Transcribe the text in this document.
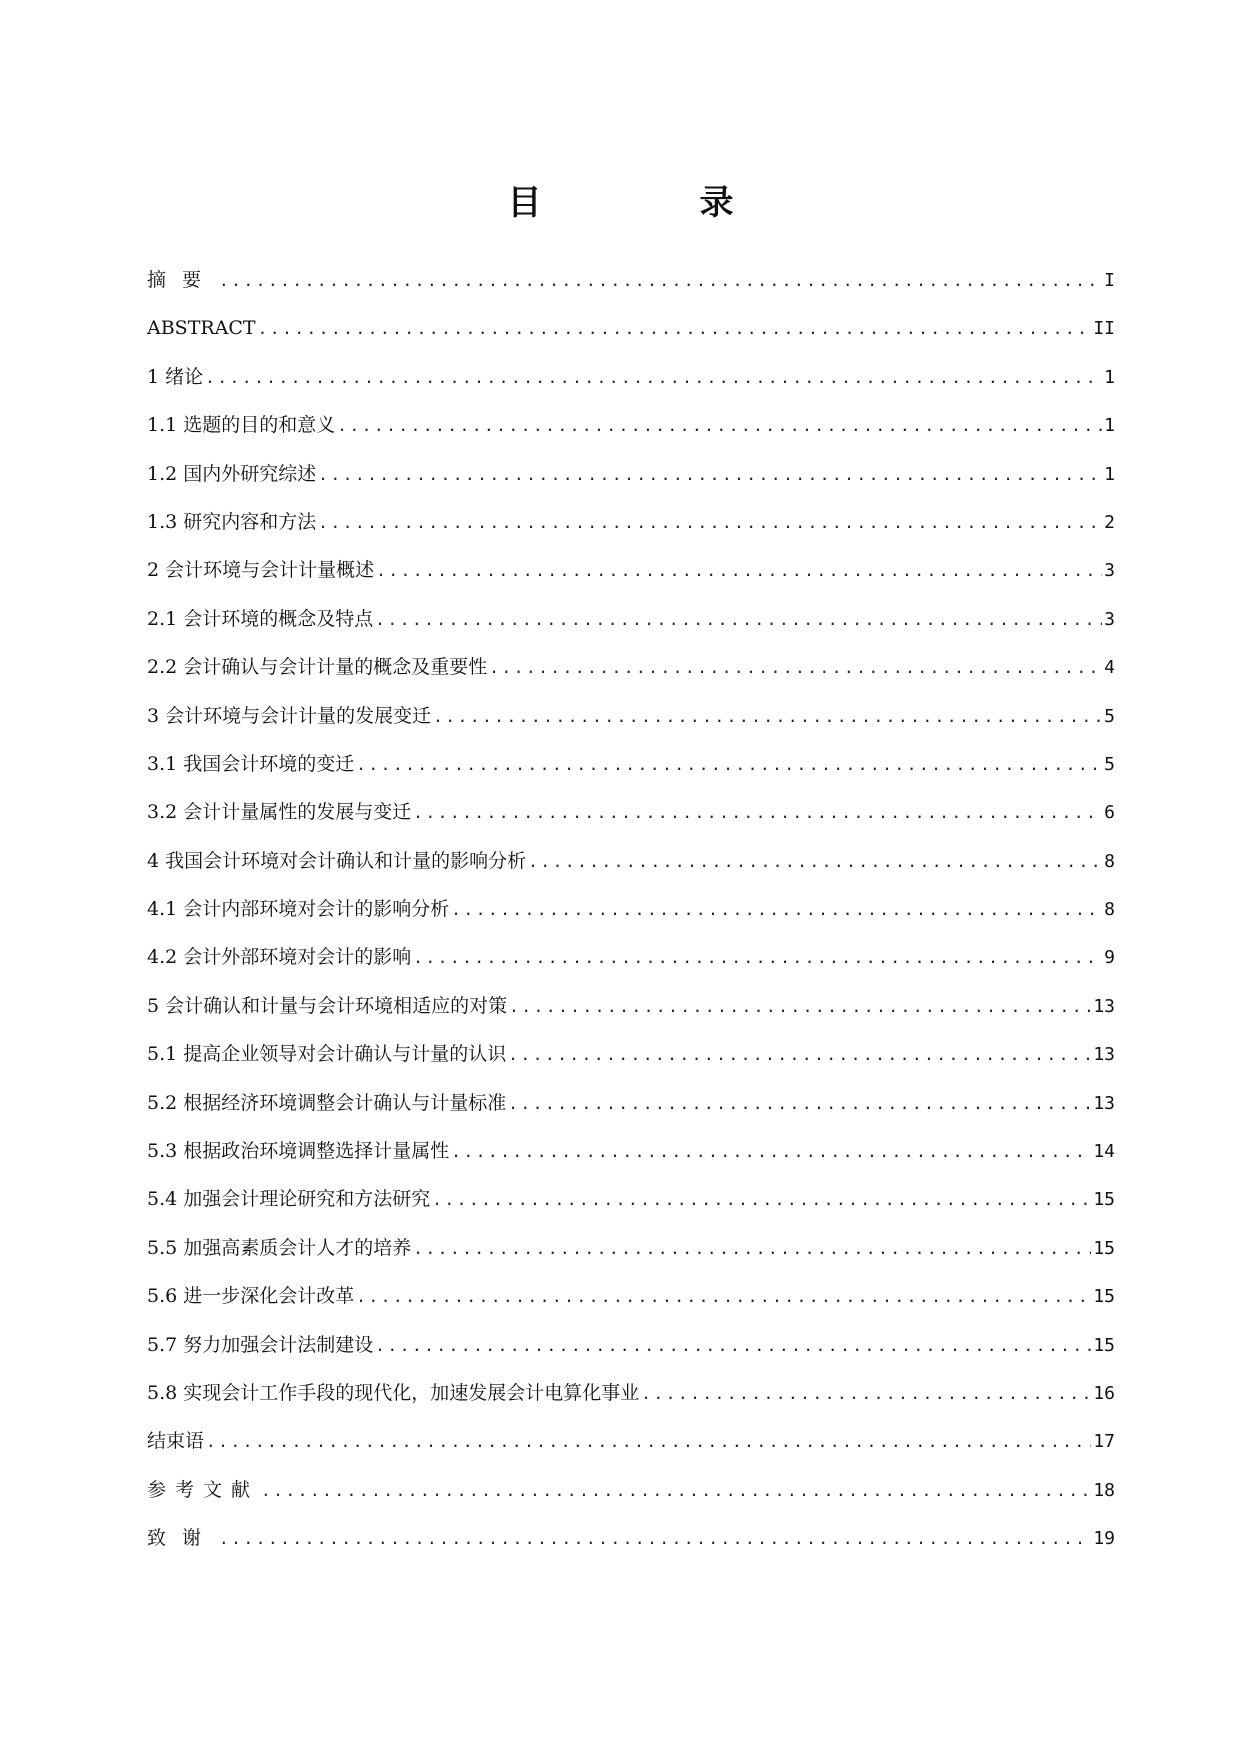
目　录
摘要 .....	I
ABSTRACT .....	II
1 绪论 .....	1
1.1 选题的目的和意义 .....	1
1.2 国内外研究综述 .....	1
1.3 研究内容和方法 .....	2
2 会计环境与会计计量概述 .....	3
2.1 会计环境的概念及特点 .....	3
2.2 会计确认与会计计量的概念及重要性 .....	4
3 会计环境与会计计量的发展变迁 .....	5
3.1 我国会计环境的变迁 .....	5
3.2 会计计量属性的发展与变迁 .....	6
4 我国会计环境对会计确认和计量的影响分析 .....	8
4.1 会计内部环境对会计的影响分析 .....	8
4.2 会计外部环境对会计的影响 .....	9
5 会计确认和计量与会计环境相适应的对策 .....	13
5.1 提高企业领导对会计确认与计量的认识 .....	13
5.2 根据经济环境调整会计确认与计量标准 .....	13
5.3 根据政治环境调整选择计量属性 .....	14
5.4 加强会计理论研究和方法研究 .....	15
5.5 加强高素质会计人才的培养 .....	15
5.6 进一步深化会计改革 .....	15
5.7 努力加强会计法制建设 .....	15
5.8 实现会计工作手段的现代化，加速发展会计电算化事业 .....	16
结束语 .....	17
参考文献 .....	18
致谢 .....	19
